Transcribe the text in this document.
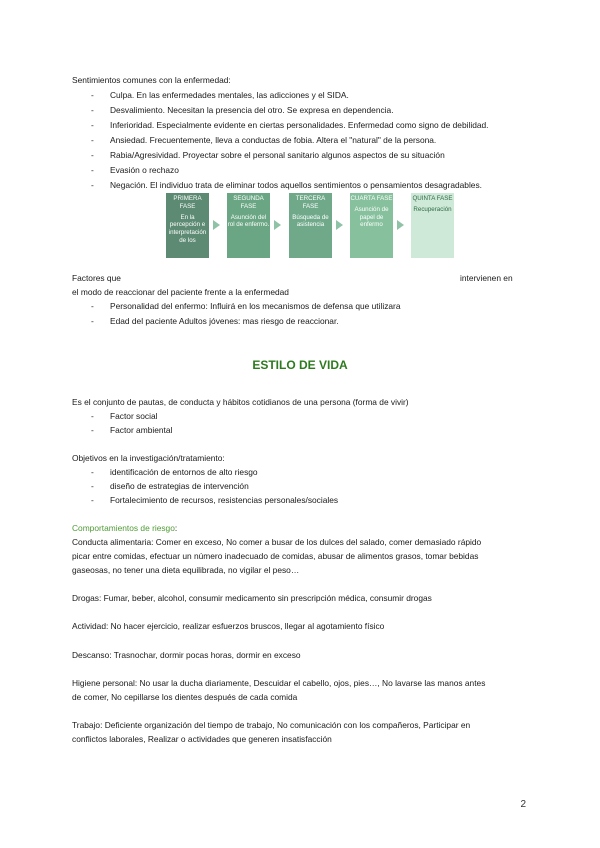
Sentimientos comunes con la enfermedad:
- Culpa. En las enfermedades mentales, las adicciones y el SIDA.
- Desvalimiento. Necesitan la presencia del otro. Se expresa en dependencia.
- Inferioridad. Especialmente evidente en ciertas personalidades. Enfermedad como signo de debilidad.
- Ansiedad. Frecuentemente, lleva a conductas de fobia. Altera el "natural" de la persona.
- Rabia/Agresividad. Proyectar sobre el personal sanitario algunos aspectos de su situación
- Evasión o rechazo
- Negación. El individuo trata de eliminar todos aquellos sentimientos o pensamientos desagradables.
PRIMERA FASE
En la percepción e interpretación de los
SEGUNDA FASE
Asunción del rol de enfermo.
TERCERA FASE
Búsqueda de asistencia
CUARTA FASE
Asunción de papel de enfermo
QUINTA FASE
Recuperación
Factores que	intervienen en
el modo de reaccionar del paciente frente a la enfermedad
- Personalidad del enfermo: Influirá en los mecanismos de defensa que utilizara
- Edad del paciente Adultos jóvenes: mas riesgo de reaccionar.
ESTILO DE VIDA
Es el conjunto de pautas, de conducta y hábitos cotidianos de una persona (forma de vivir)
- Factor social
- Factor ambiental
Objetivos en la investigación/tratamiento:
- identificación de entornos de alto riesgo
- diseño de estrategias de intervención
- Fortalecimiento de recursos, resistencias personales/sociales
Comportamientos de riesgo:
Conducta alimentaria: Comer en exceso, No comer a busar de los dulces del salado, comer demasiado rápido
picar entre comidas, efectuar un número inadecuado de comidas, abusar de alimentos grasos, tomar bebidas
gaseosas, no tener una dieta equilibrada, no vigilar el peso…
Drogas: Fumar, beber, alcohol, consumir medicamento sin prescripción médica, consumir drogas
Actividad: No hacer ejercicio, realizar esfuerzos bruscos, llegar al agotamiento físico
Descanso: Trasnochar, dormir pocas horas, dormir en exceso
Higiene personal: No usar la ducha diariamente, Descuidar el cabello, ojos, pies…, No lavarse las manos antes
de comer, No cepillarse los dientes después de cada comida
Trabajo: Deficiente organización del tiempo de trabajo, No comunicación con los compañeros, Participar en
conflictos laborales, Realizar o actividades que generen insatisfacción
2
